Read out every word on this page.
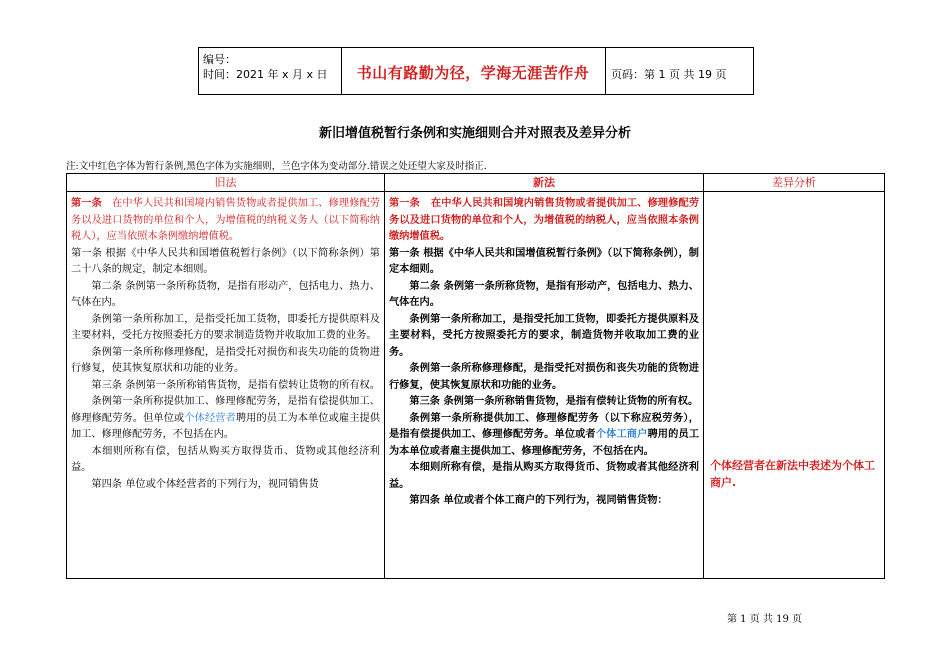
编号：
时间：2021 年 x 月 x 日	书山有路勤为径，学海无涯苦作舟	页码：第 1 页 共 19 页
新旧增值税暂行条例和实施细则合并对照表及差异分析
注:文中红色字体为暂行条例,黑色字体为实施细则，兰色字体为变动部分.错误之处还望大家及时指正.
旧法

第一条 在中华人民共和国境内销售货物或者提供加工、修理修配劳务以及进口货物的单位和个人，为增值税的纳税义务人（以下简称纳税人），应当依照本条例缴纳增值税。

第一条 根据《中华人民共和国增值税暂行条例》（以下简称条例）第二十八条的规定，制定本细则。

第二条 条例第一条所称货物，是指有形动产，包括电力、热力、气体在内。

条例第一条所称加工，是指受托加工货物，即委托方提供原料及主要材料，受托方按照委托方的要求制造货物并收取加工费的业务。

条例第一条所称修理修配，是指受托对损伤和丧失功能的货物进行修复，使其恢复原状和功能的业务。

第三条 条例第一条所称销售货物，是指有偿转让货物的所有权。

条例第一条所称提供加工、修理修配劳务，是指有偿提供加工、修理修配劳务。但单位或个体经营者聘用的员工为本单位或雇主提供加工、修理修配劳务，不包括在内。

本细则所称有偿，包括从购买方取得货币、货物或其他经济利益。

第四条 单位或个体经营者的下列行为，视同销售货

新法

第一条 在中华人民共和国境内销售货物或者提供加工、修理修配劳务以及进口货物的单位和个人，为增值税的纳税人，应当依照本条例缴纳增值税。

第一条 根据《中华人民共和国增值税暂行条例》（以下简称条例），制定本细则。

第二条 条例第一条所称货物，是指有形动产，包括电力、热力、气体在内。

条例第一条所称加工，是指受托加工货物，即委托方提供原料及主要材料，受托方按照委托方的要求，制造货物并收取加工费的业务。

条例第一条所称修理修配，是指受托对损伤和丧失功能的货物进行修复，使其恢复原状和功能的业务。

第三条 条例第一条所称销售货物，是指有偿转让货物的所有权。

条例第一条所称提供加工、修理修配劳务（以下称应税劳务），是指有偿提供加工、修理修配劳务。单位或者个体工商户聘用的员工为本单位或者雇主提供加工、修理修配劳务，不包括在内。

本细则所称有偿，是指从购买方取得货币、货物或者其他经济利益。

第四条 单位或者个体工商户的下列行为，视同销售货物：

差异分析
个体经营者在新法中表述为个体工商户.
第 1 页 共 19 页
